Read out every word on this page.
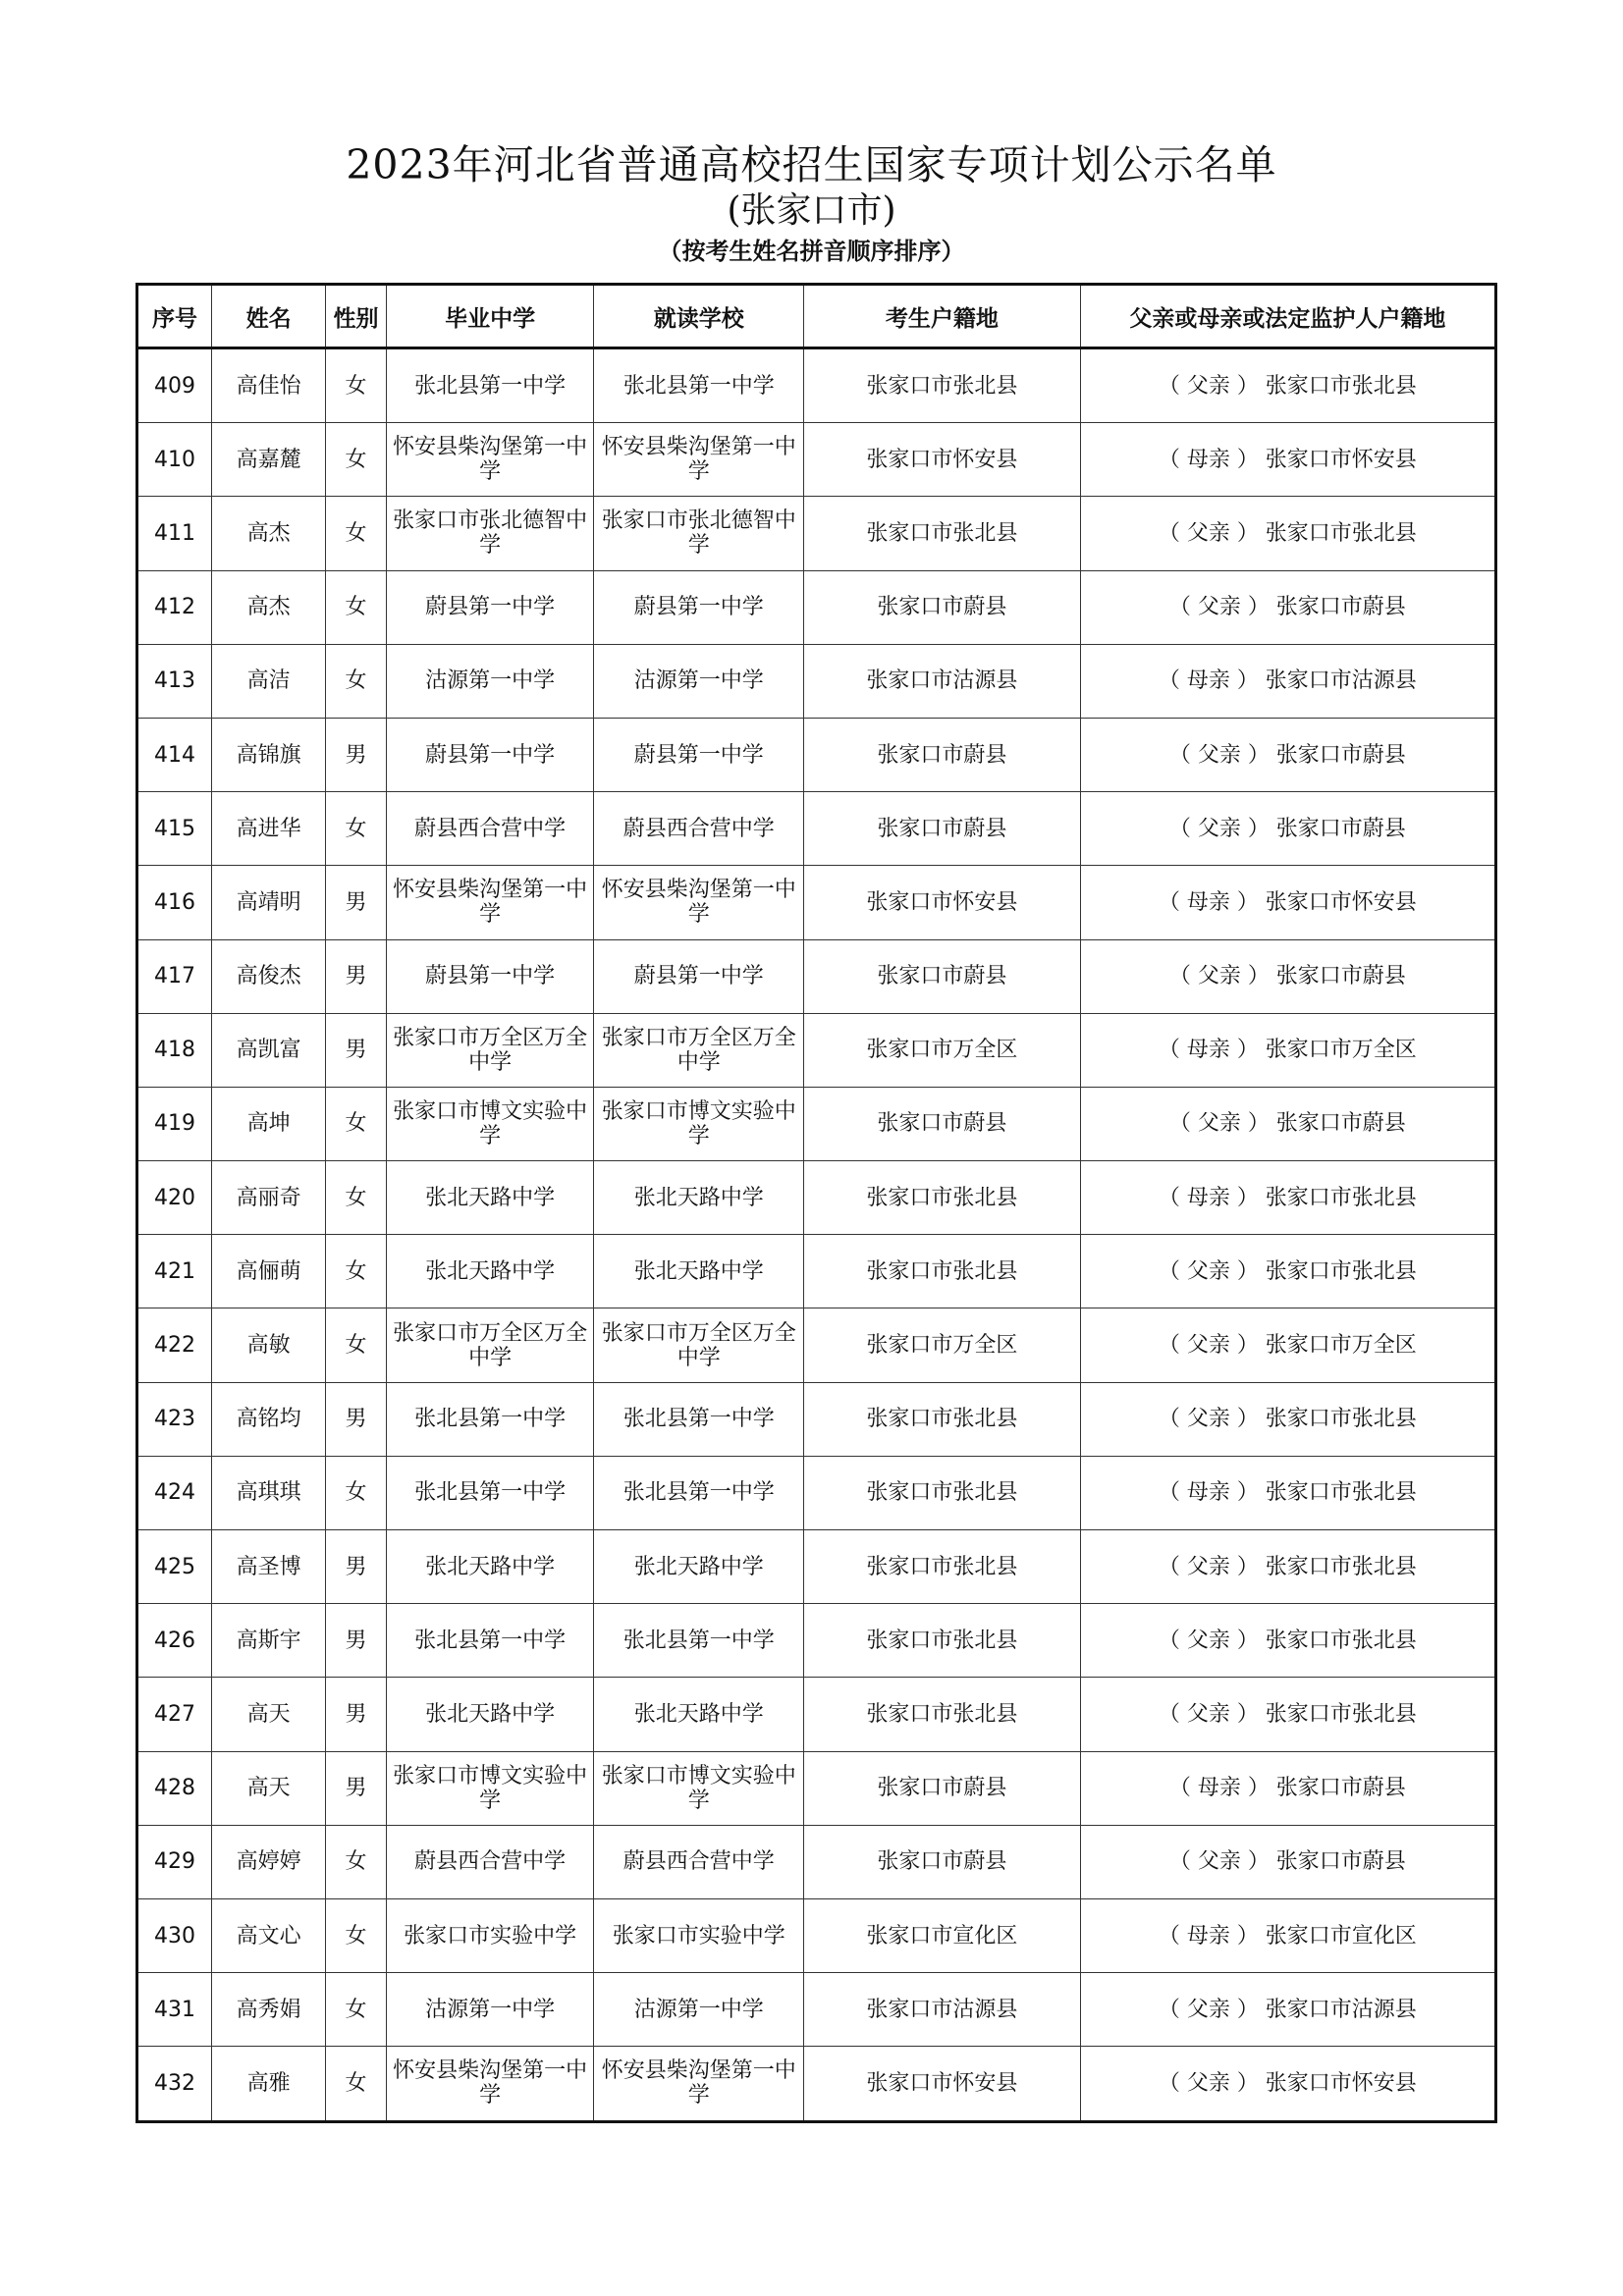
2023年河北省普通高校招生国家专项计划公示名单
(张家口市)
（按考生姓名拼音顺序排序）
序号	姓名	性别	毕业中学	就读学校	考生户籍地	父亲或母亲或法定监护人户籍地
409	高佳怡	女	张北县第一中学	张北县第一中学	张家口市张北县	（ 父亲 ） 张家口市张北县
410	高嘉麓	女	怀安县柴沟堡第一中学	怀安县柴沟堡第一中学	张家口市怀安县	（ 母亲 ） 张家口市怀安县
411	高杰	女	张家口市张北德智中学	张家口市张北德智中学	张家口市张北县	（ 父亲 ） 张家口市张北县
412	高杰	女	蔚县第一中学	蔚县第一中学	张家口市蔚县	（ 父亲 ） 张家口市蔚县
413	高洁	女	沽源第一中学	沽源第一中学	张家口市沽源县	（ 母亲 ） 张家口市沽源县
414	高锦旗	男	蔚县第一中学	蔚县第一中学	张家口市蔚县	（ 父亲 ） 张家口市蔚县
415	高进华	女	蔚县西合营中学	蔚县西合营中学	张家口市蔚县	（ 父亲 ） 张家口市蔚县
416	高靖明	男	怀安县柴沟堡第一中学	怀安县柴沟堡第一中学	张家口市怀安县	（ 母亲 ） 张家口市怀安县
417	高俊杰	男	蔚县第一中学	蔚县第一中学	张家口市蔚县	（ 父亲 ） 张家口市蔚县
418	高凯富	男	张家口市万全区万全中学	张家口市万全区万全中学	张家口市万全区	（ 母亲 ） 张家口市万全区
419	高坤	女	张家口市博文实验中学	张家口市博文实验中学	张家口市蔚县	（ 父亲 ） 张家口市蔚县
420	高丽奇	女	张北天路中学	张北天路中学	张家口市张北县	（ 母亲 ） 张家口市张北县
421	高俪萌	女	张北天路中学	张北天路中学	张家口市张北县	（ 父亲 ） 张家口市张北县
422	高敏	女	张家口市万全区万全中学	张家口市万全区万全中学	张家口市万全区	（ 父亲 ） 张家口市万全区
423	高铭均	男	张北县第一中学	张北县第一中学	张家口市张北县	（ 父亲 ） 张家口市张北县
424	高琪琪	女	张北县第一中学	张北县第一中学	张家口市张北县	（ 母亲 ） 张家口市张北县
425	高圣博	男	张北天路中学	张北天路中学	张家口市张北县	（ 父亲 ） 张家口市张北县
426	高斯宇	男	张北县第一中学	张北县第一中学	张家口市张北县	（ 父亲 ） 张家口市张北县
427	高天	男	张北天路中学	张北天路中学	张家口市张北县	（ 父亲 ） 张家口市张北县
428	高天	男	张家口市博文实验中学	张家口市博文实验中学	张家口市蔚县	（ 母亲 ） 张家口市蔚县
429	高婷婷	女	蔚县西合营中学	蔚县西合营中学	张家口市蔚县	（ 父亲 ） 张家口市蔚县
430	高文心	女	张家口市实验中学	张家口市实验中学	张家口市宣化区	（ 母亲 ） 张家口市宣化区
431	高秀娟	女	沽源第一中学	沽源第一中学	张家口市沽源县	（ 父亲 ） 张家口市沽源县
432	高雅	女	怀安县柴沟堡第一中学	怀安县柴沟堡第一中学	张家口市怀安县	（ 父亲 ） 张家口市怀安县
